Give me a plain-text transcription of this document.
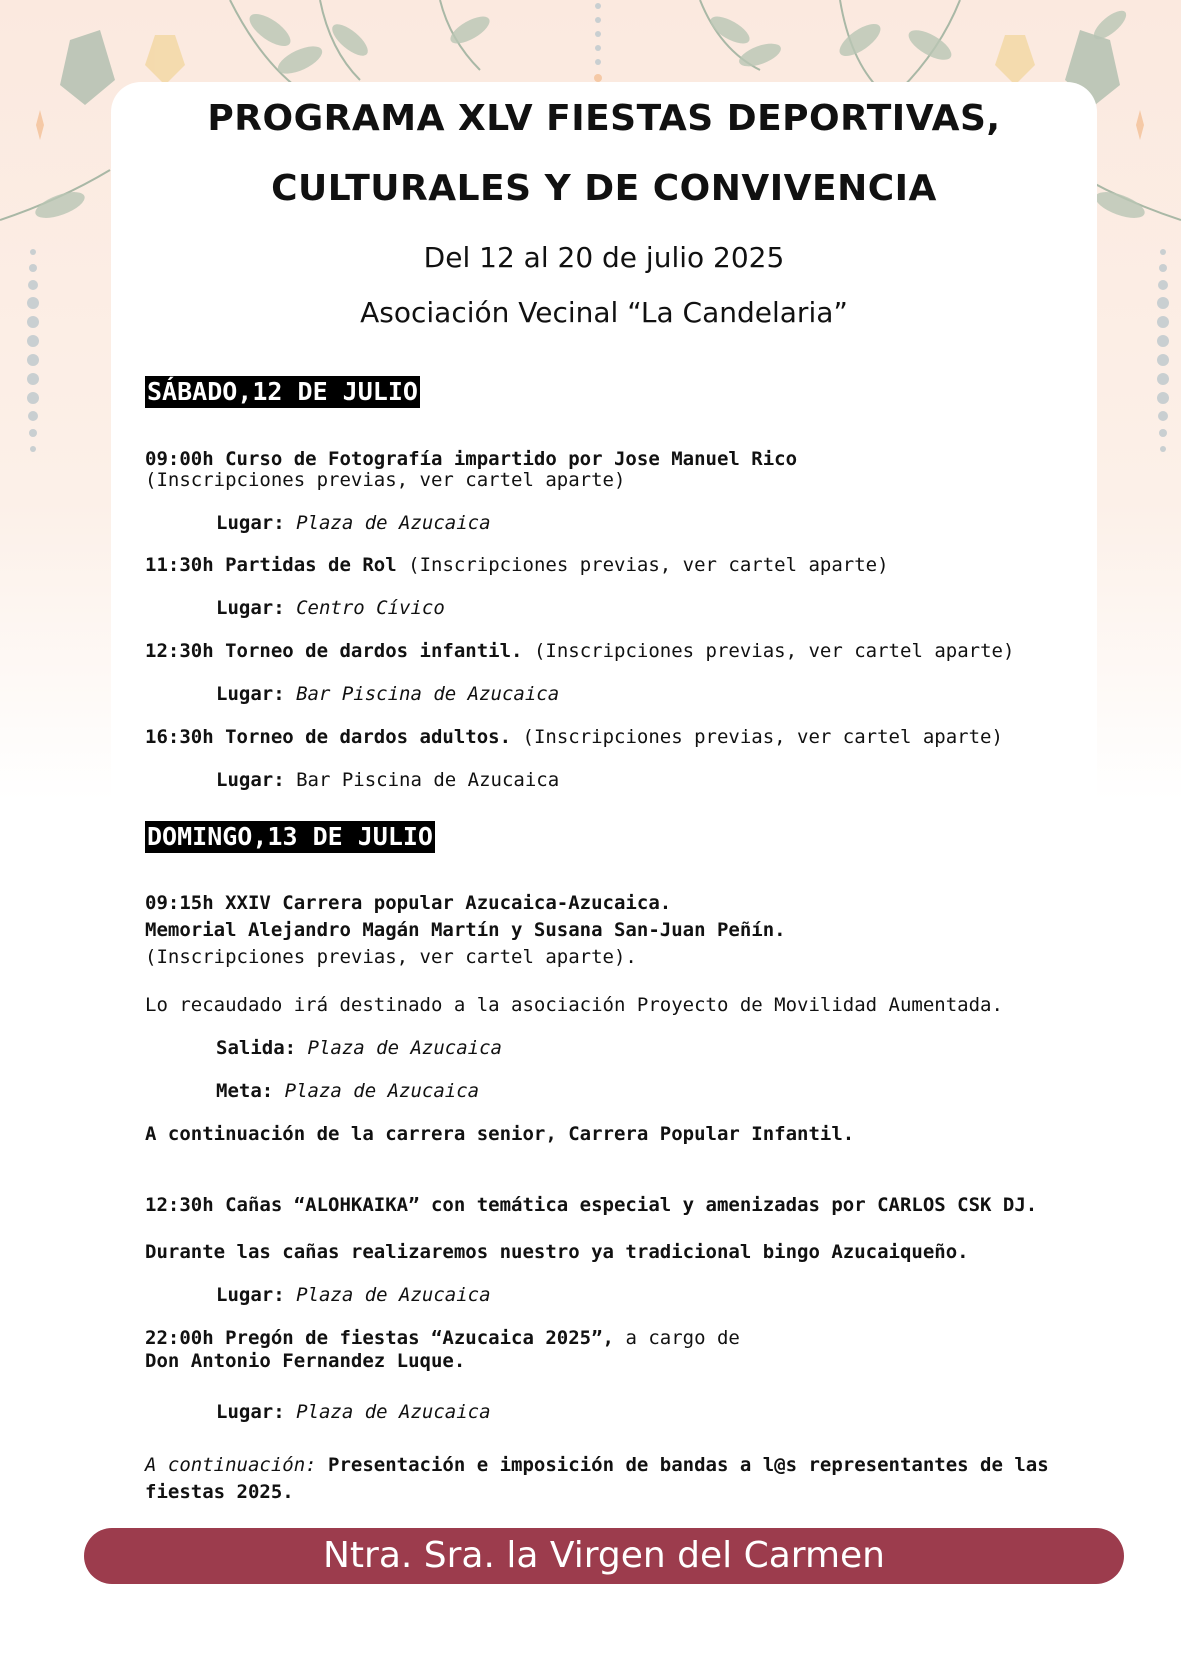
PROGRAMA XLV FIESTAS DEPORTIVAS,
CULTURALES Y DE CONVIVENCIA
Del 12 al 20 de julio 2025
Asociación Vecinal “La Candelaria”
SÁBADO,12 DE JULIO
09:00h Curso de Fotografía impartido por Jose Manuel Rico
(Inscripciones previas, ver cartel aparte)
Lugar: Plaza de Azucaica
11:30h Partidas de Rol (Inscripciones previas, ver cartel aparte)
Lugar: Centro Cívico
12:30h Torneo de dardos infantil. (Inscripciones previas, ver cartel aparte)
Lugar: Bar Piscina de Azucaica
16:30h Torneo de dardos adultos. (Inscripciones previas, ver cartel aparte)
Lugar: Bar Piscina de Azucaica
DOMINGO,13 DE JULIO
09:15h XXIV Carrera popular Azucaica-Azucaica.
Memorial Alejandro Magán Martín y Susana San-Juan Peñín.
(Inscripciones previas, ver cartel aparte).
Lo recaudado irá destinado a la asociación Proyecto de Movilidad Aumentada.
Salida: Plaza de Azucaica
Meta: Plaza de Azucaica
A continuación de la carrera senior, Carrera Popular Infantil.
12:30h Cañas “ALOHKAIKA” con temática especial y amenizadas por CARLOS CSK DJ.
Durante las cañas realizaremos nuestro ya tradicional bingo Azucaiqueño.
Lugar: Plaza de Azucaica
22:00h Pregón de fiestas “Azucaica 2025”, a cargo de
Don Antonio Fernandez Luque.
Lugar: Plaza de Azucaica
A continuación: Presentación e imposición de bandas a l@s representantes de las
fiestas 2025.
Ntra. Sra. la Virgen del Carmen
